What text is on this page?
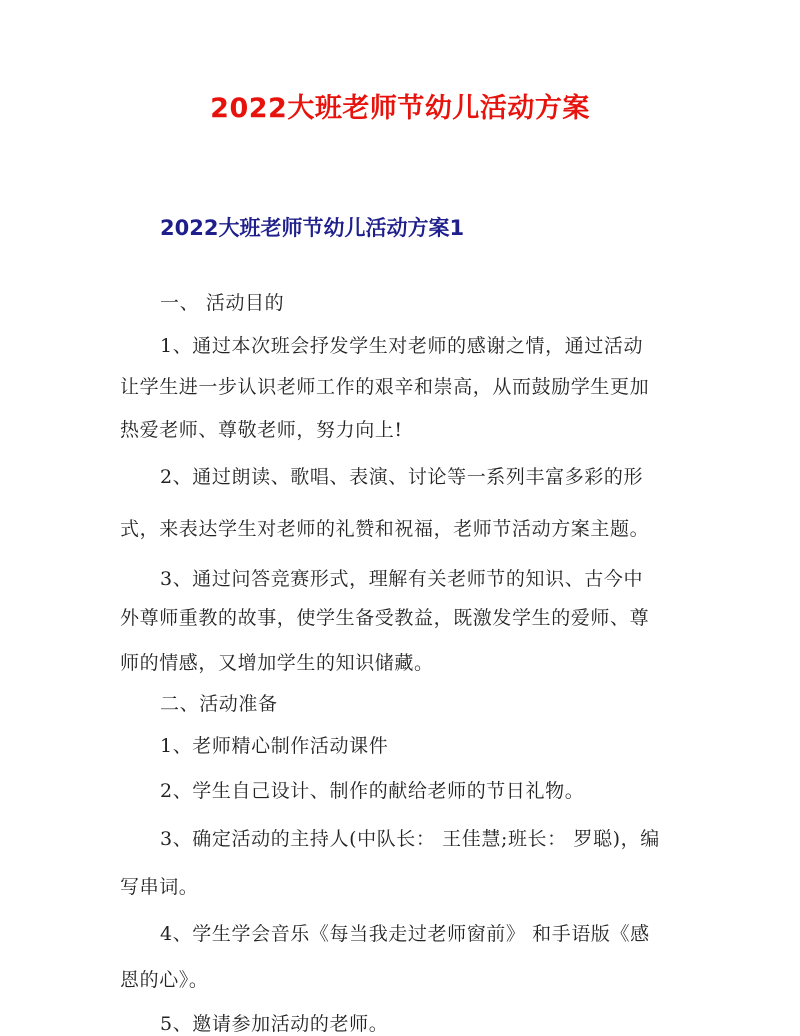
2022大班老师节幼儿活动方案
2022大班老师节幼儿活动方案1
一、 活动目的
1、通过本次班会抒发学生对老师的感谢之情，通过活动
让学生进一步认识老师工作的艰辛和崇高，从而鼓励学生更加
热爱老师、尊敬老师，努力向上!
2、通过朗读、歌唱、表演、讨论等一系列丰富多彩的形
式，来表达学生对老师的礼赞和祝福，老师节活动方案主题。
3、通过问答竞赛形式，理解有关老师节的知识、古今中
外尊师重教的故事，使学生备受教益，既激发学生的爱师、尊
师的情感，又增加学生的知识储藏。
二、活动准备
1、老师精心制作活动课件
2、学生自己设计、制作的献给老师的节日礼物。
3、确定活动的主持人(中队长： 王佳慧;班长： 罗聪)，编
写串词。
4、学生学会音乐《每当我走过老师窗前》 和手语版《感
恩的心》。
5、邀请参加活动的老师。
